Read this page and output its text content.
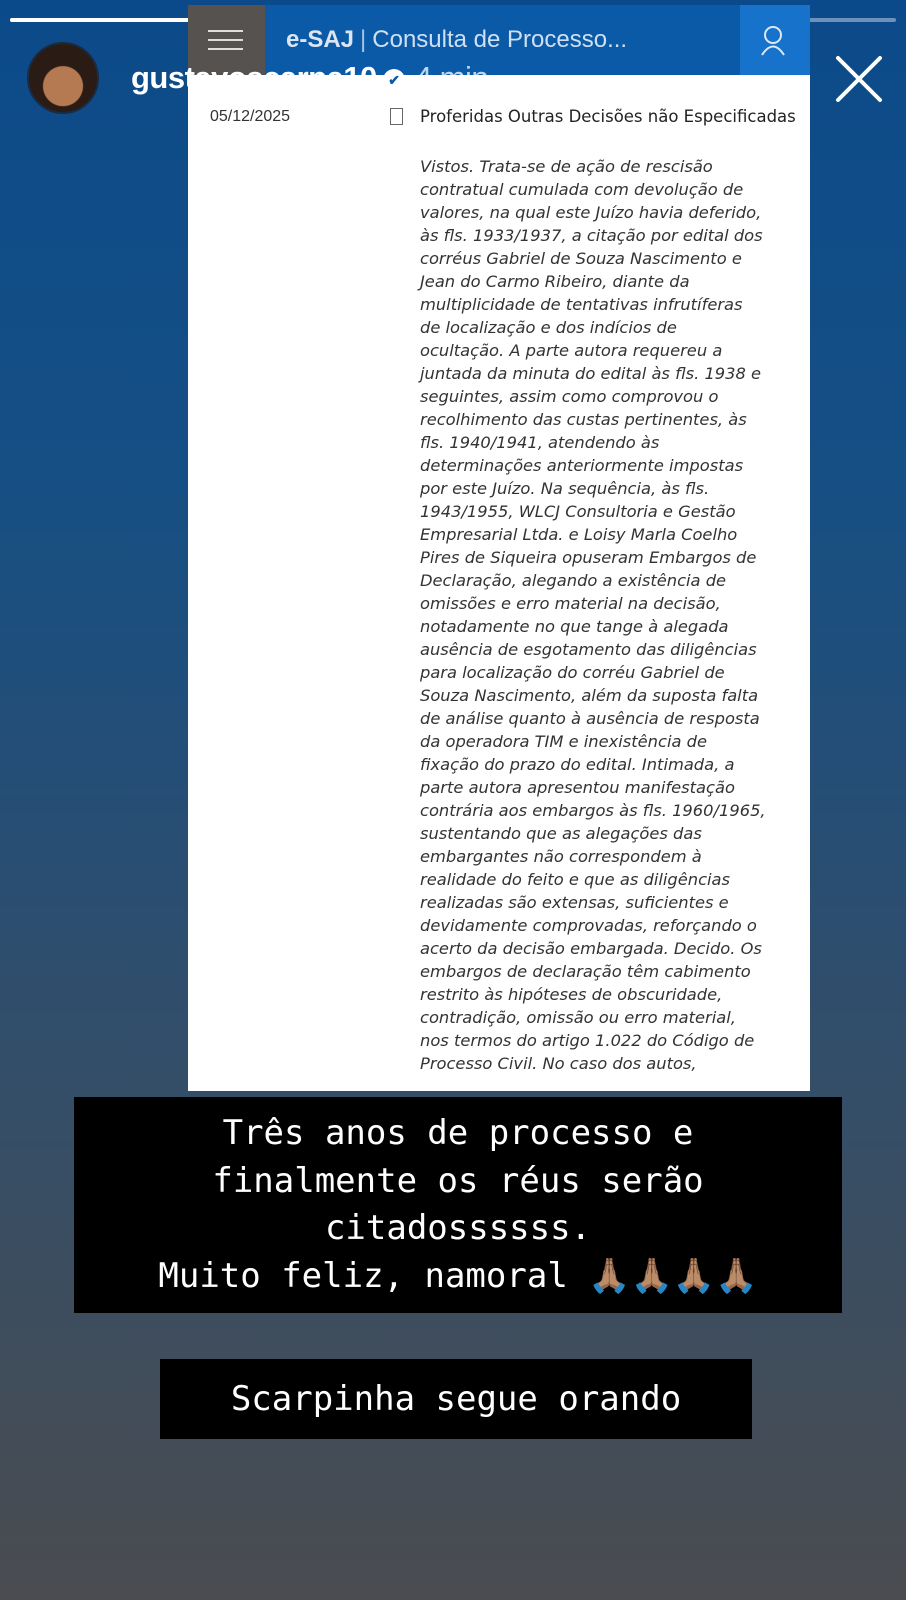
e-SAJ | Consulta de Processo...
05/12/2025	Proferidas Outras Decisões não Especificadas
Vistos. Trata-se de ação de rescisão
contratual cumulada com devolução de
valores, na qual este Juízo havia deferido,
às fls. 1933/1937, a citação por edital dos
corréus Gabriel de Souza Nascimento e
Jean do Carmo Ribeiro, diante da
multiplicidade de tentativas infrutíferas
de localização e dos indícios de
ocultação. A parte autora requereu a
juntada da minuta do edital às fls. 1938 e
seguintes, assim como comprovou o
recolhimento das custas pertinentes, às
fls. 1940/1941, atendendo às
determinações anteriormente impostas
por este Juízo. Na sequência, às fls.
1943/1955, WLCJ Consultoria e Gestão
Empresarial Ltda. e Loisy Marla Coelho
Pires de Siqueira opuseram Embargos de
Declaração, alegando a existência de
omissões e erro material na decisão,
notadamente no que tange à alegada
ausência de esgotamento das diligências
para localização do corréu Gabriel de
Souza Nascimento, além da suposta falta
de análise quanto à ausência de resposta
da operadora TIM e inexistência de
fixação do prazo do edital. Intimada, a
parte autora apresentou manifestação
contrária aos embargos às fls. 1960/1965,
sustentando que as alegações das
embargantes não correspondem à
realidade do feito e que as diligências
realizadas são extensas, suficientes e
devidamente comprovadas, reforçando o
acerto da decisão embargada. Decido. Os
embargos de declaração têm cabimento
restrito às hipóteses de obscuridade,
contradição, omissão ou erro material,
nos termos do artigo 1.022 do Código de
Processo Civil. No caso dos autos,
gustavoscarpa10 ✔ 4 min	...
Três anos de processo e
finalmente os réus serão
citadossssss.
Muito feliz, namoral 🙏🏽🙏🏽🙏🏽🙏🏽
Scarpinha segue orando
